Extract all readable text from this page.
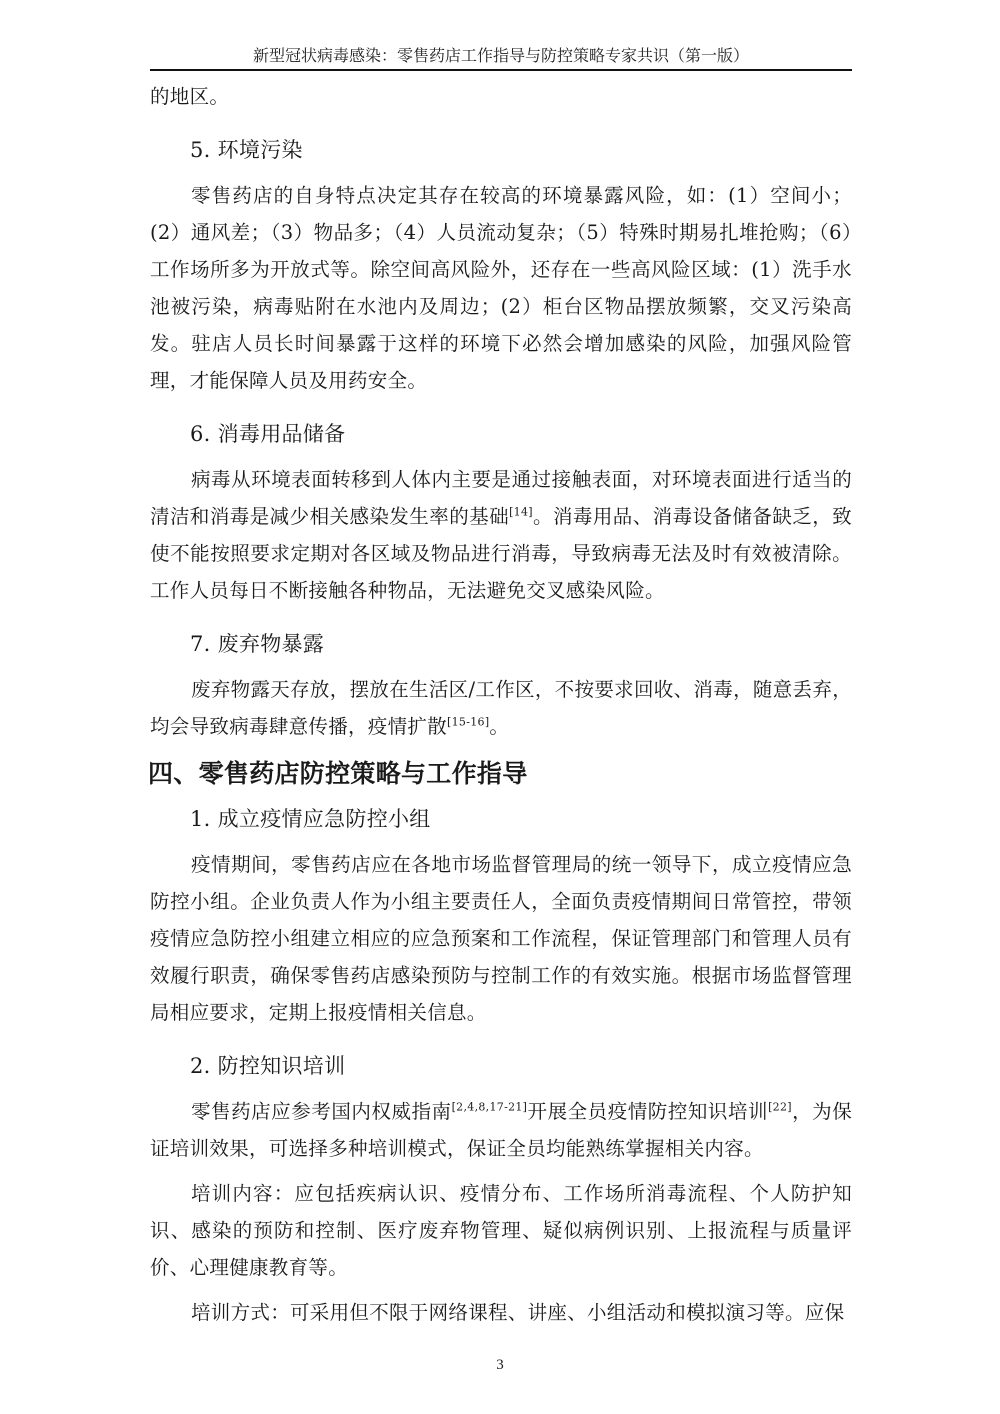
新型冠状病毒感染：零售药店工作指导与防控策略专家共识（第一版）

的地区。

5. 环境污染

零售药店的自身特点决定其存在较高的环境暴露风险，如：(1）空间小；(2）通风差；（3）物品多；（4）人员流动复杂；（5）特殊时期易扎堆抢购；（6）工作场所多为开放式等。除空间高风险外，还存在一些高风险区域：(1）洗手水池被污染，病毒贴附在水池内及周边；(2）柜台区物品摆放频繁，交叉污染高发。驻店人员长时间暴露于这样的环境下必然会增加感染的风险，加强风险管理，才能保障人员及用药安全。

6. 消毒用品储备

病毒从环境表面转移到人体内主要是通过接触表面，对环境表面进行适当的清洁和消毒是减少相关感染发生率的基础[14]。消毒用品、消毒设备储备缺乏，致使不能按照要求定期对各区域及物品进行消毒，导致病毒无法及时有效被清除。工作人员每日不断接触各种物品，无法避免交叉感染风险。

7. 废弃物暴露

废弃物露天存放，摆放在生活区/工作区，不按要求回收、消毒，随意丢弃，均会导致病毒肆意传播，疫情扩散[15-16]。

四、零售药店防控策略与工作指导

1. 成立疫情应急防控小组

疫情期间，零售药店应在各地市场监督管理局的统一领导下，成立疫情应急防控小组。企业负责人作为小组主要责任人，全面负责疫情期间日常管控，带领疫情应急防控小组建立相应的应急预案和工作流程，保证管理部门和管理人员有效履行职责，确保零售药店感染预防与控制工作的有效实施。根据市场监督管理局相应要求，定期上报疫情相关信息。

2. 防控知识培训

零售药店应参考国内权威指南[2,4,8,17-21]开展全员疫情防控知识培训[22]，为保证培训效果，可选择多种培训模式，保证全员均能熟练掌握相关内容。

培训内容：应包括疾病认识、疫情分布、工作场所消毒流程、个人防护知识、感染的预防和控制、医疗废弃物管理、疑似病例识别、上报流程与质量评价、心理健康教育等。

培训方式：可采用但不限于网络课程、讲座、小组活动和模拟演习等。应保

3
